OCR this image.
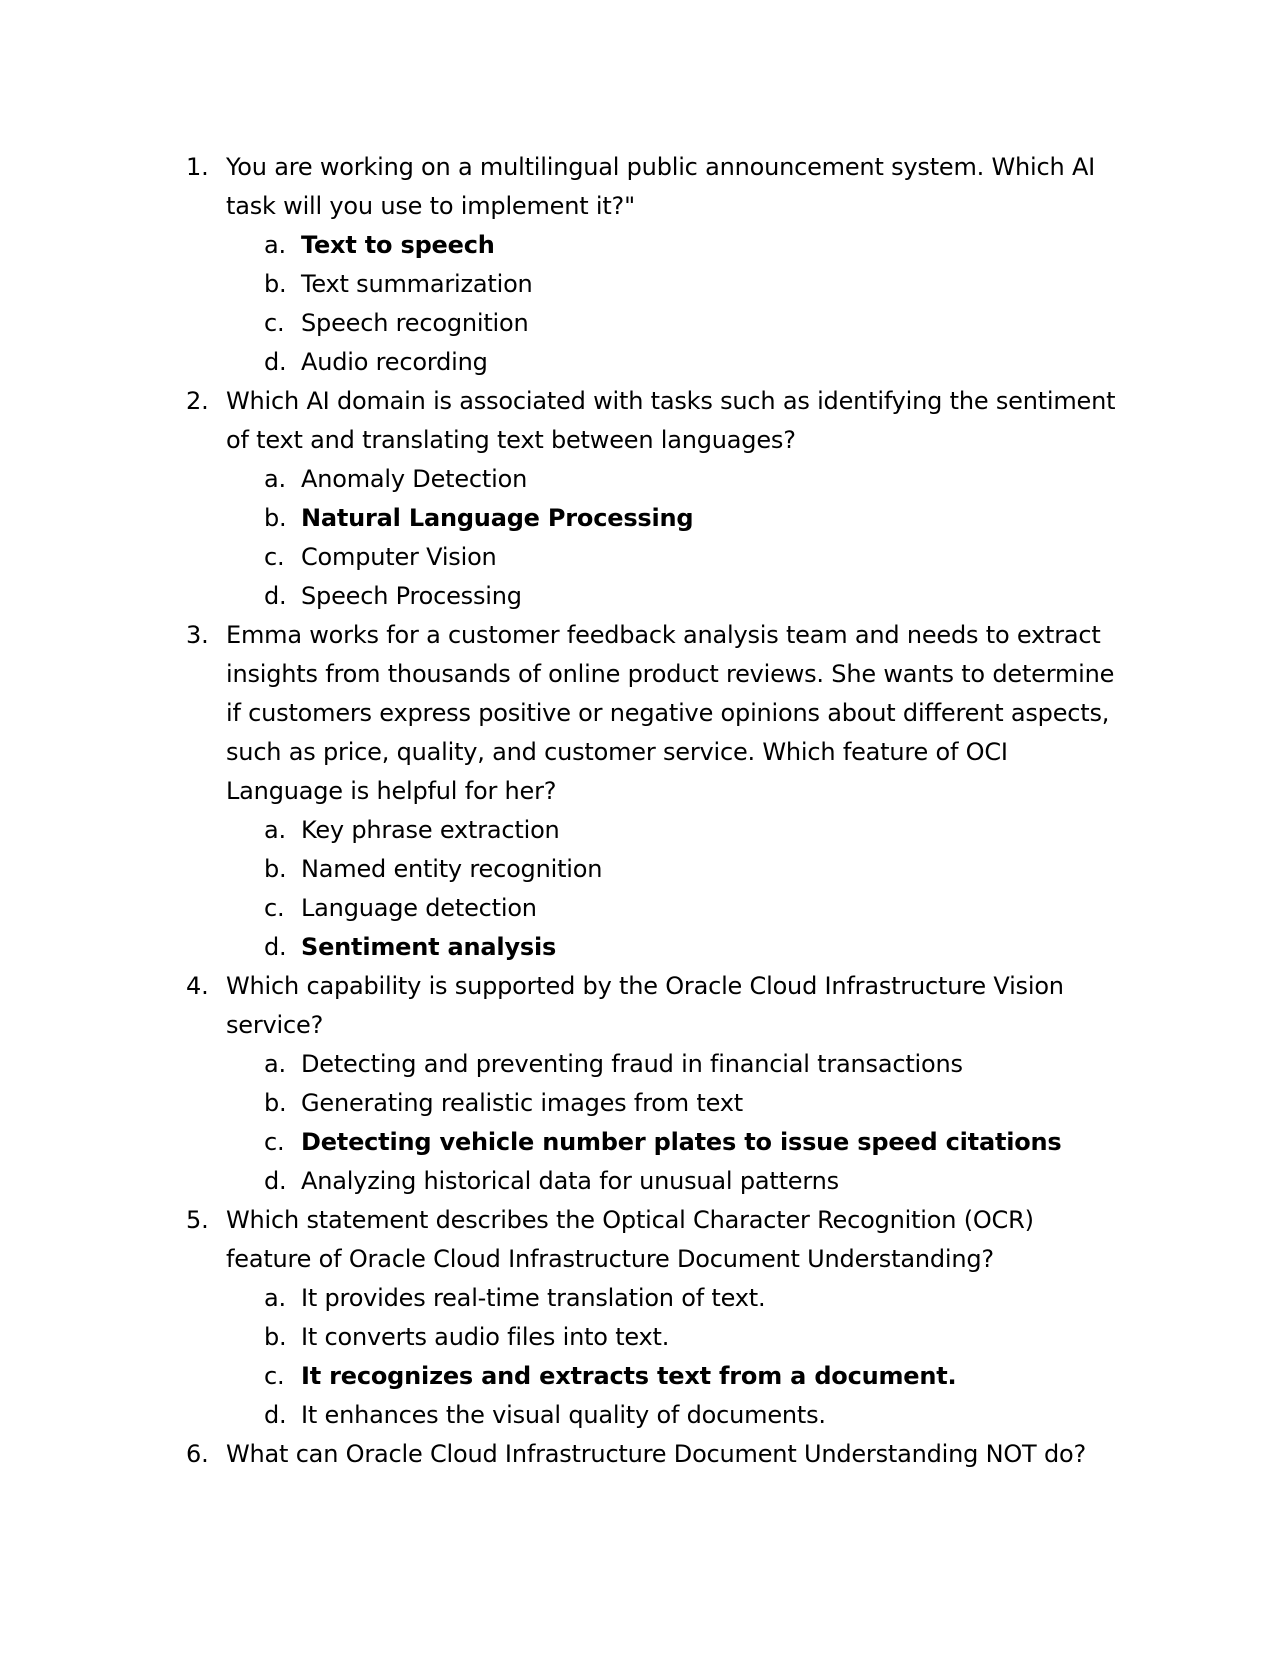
1. You are working on a multilingual public announcement system. Which AI task will you use to implement it?"
a. Text to speech
b. Text summarization
c. Speech recognition
d. Audio recording
2. Which AI domain is associated with tasks such as identifying the sentiment of text and translating text between languages?
a. Anomaly Detection
b. Natural Language Processing
c. Computer Vision
d. Speech Processing
3. Emma works for a customer feedback analysis team and needs to extract insights from thousands of online product reviews. She wants to determine if customers express positive or negative opinions about different aspects, such as price, quality, and customer service. Which feature of OCI Language is helpful for her?
a. Key phrase extraction
b. Named entity recognition
c. Language detection
d. Sentiment analysis
4. Which capability is supported by the Oracle Cloud Infrastructure Vision service?
a. Detecting and preventing fraud in financial transactions
b. Generating realistic images from text
c. Detecting vehicle number plates to issue speed citations
d. Analyzing historical data for unusual patterns
5. Which statement describes the Optical Character Recognition (OCR) feature of Oracle Cloud Infrastructure Document Understanding?
a. It provides real-time translation of text.
b. It converts audio files into text.
c. It recognizes and extracts text from a document.
d. It enhances the visual quality of documents.
6. What can Oracle Cloud Infrastructure Document Understanding NOT do?
